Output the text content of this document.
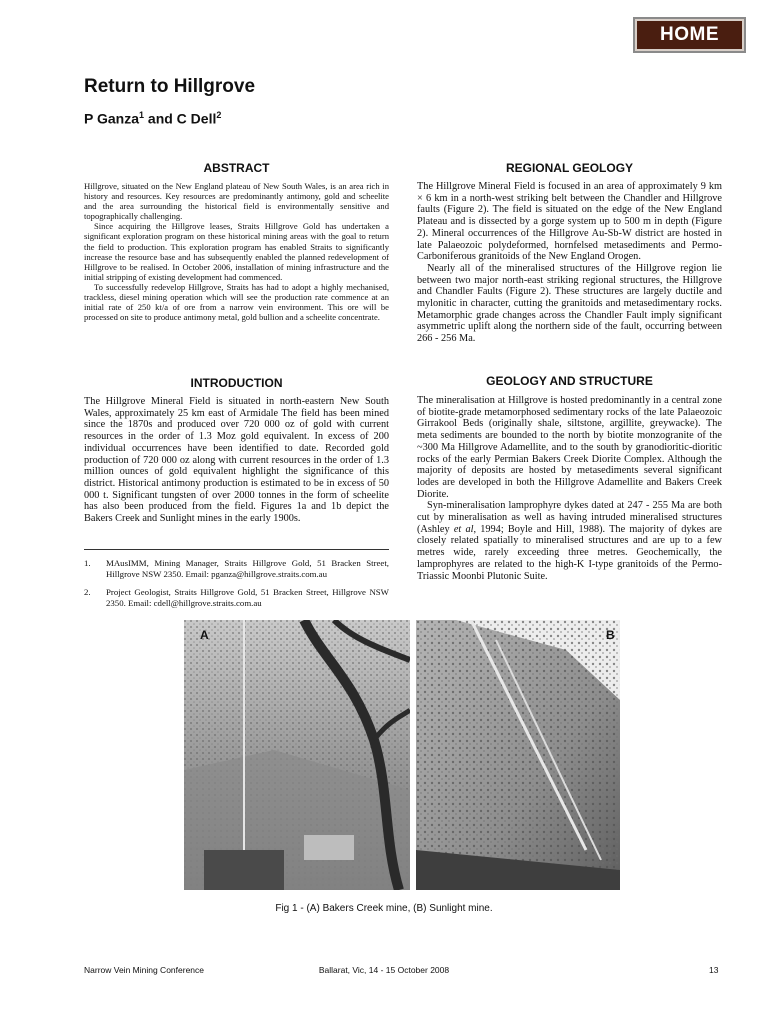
HOME
Return to Hillgrove
P Ganza$^1$ and C Dell$^2$
ABSTRACT

Hillgrove, situated on the New England plateau of New South Wales, is an area rich in history and resources. Key resources are predominantly antimony, gold and scheelite and the area surrounding the historical field is environmentally sensitive and topographically challenging.

Since acquiring the Hillgrove leases, Straits Hillgrove Gold has undertaken a significant exploration program on these historical mining areas with the goal to return the field to production. This exploration program has enabled Straits to significantly increase the resource base and has subsequently enabled the planned redevelopment of Hillgrove to be realised. In October 2006, installation of mining infrastructure and the initial stripping of existing development had commenced.

To successfully redevelop Hillgrove, Straits has had to adopt a highly mechanised, trackless, diesel mining operation which will see the production rate commence at an initial rate of 250 kt/a of ore from a narrow vein environment. This ore will be processed on site to produce antimony metal, gold bullion and a scheelite concentrate.

INTRODUCTION

The Hillgrove Mineral Field is situated in north-eastern New South Wales, approximately 25 km east of Armidale The field has been mined since the 1870s and produced over 720 000 oz of gold with current resources in the order of 1.3 Moz gold equivalent. In excess of 200 individual occurrences have been identified to date. Recorded gold production of 720 000 oz along with current resources in the order of 1.3 million ounces of gold equivalent highlight the significance of this district. Historical antimony production is estimated to be in excess of 50 000 t. Significant tungsten of over 2000 tonnes in the form of scheelite has also been produced from the field. Figures 1a and 1b depict the Bakers Creek and Sunlight mines in the early 1900s.

1.	MAusIMM, Mining Manager, Straits Hillgrove Gold, 51 Bracken Street, Hillgrove NSW 2350. Email: pganza@hillgrove.straits.com.au
2.	Project Geologist, Straits Hillgrove Gold, 51 Bracken Street, Hillgrove NSW 2350. Email: cdell@hillgrove.straits.com.au
REGIONAL GEOLOGY

The Hillgrove Mineral Field is focused in an area of approximately 9 km × 6 km in a north-west striking belt between the Chandler and Hillgrove faults (Figure 2). The field is situated on the edge of the New England Plateau and is dissected by a gorge system up to 500 m in depth (Figure 2). Mineral occurrences of the Hillgrove Au-Sb-W district are hosted in late Palaeozoic polydeformed, hornfelsed metasediments and Permo-Carboniferous granitoids of the New England Orogen.

Nearly all of the mineralised structures of the Hillgrove region lie between two major north-east striking regional structures, the Hillgrove and Chandler Faults (Figure 2). These structures are largely ductile and mylonitic in character, cutting the granitoids and metasedimentary rocks. Metamorphic grade changes across the Chandler Fault imply significant asymmetric uplift along the northern side of the fault, occurring between 266 - 256 Ma.

GEOLOGY AND STRUCTURE

The mineralisation at Hillgrove is hosted predominantly in a central zone of biotite-grade metamorphosed sedimentary rocks of the late Palaeozoic Girrakool Beds (originally shale, siltstone, argillite, greywacke). The meta sediments are bounded to the north by biotite monzogranite of the ~300 Ma Hillgrove Adamellite, and to the south by granodioritic-dioritic rocks of the early Permian Bakers Creek Diorite Complex. Although the majority of deposits are hosted by metasediments several significant lodes are developed in both the Hillgrove Adamellite and Bakers Creek Diorite.

Syn-mineralisation lamprophyre dykes dated at 247 - 255 Ma are both cut by mineralisation as well as having intruded mineralised structures (Ashley et al, 1994; Boyle and Hill, 1988). The majority of dykes are closely related spatially to mineralised structures and are up to a few metres wide, rarely exceeding three metres. Geochemically, the lamprophyres are related to the high-K I-type granitoids of the Permo-Triassic Moonbi Plutonic Suite.

A	B
Fig 1 - (A) Bakers Creek mine, (B) Sunlight mine.
Narrow Vein Mining Conference	Ballarat, Vic, 14 - 15 October 2008	13
